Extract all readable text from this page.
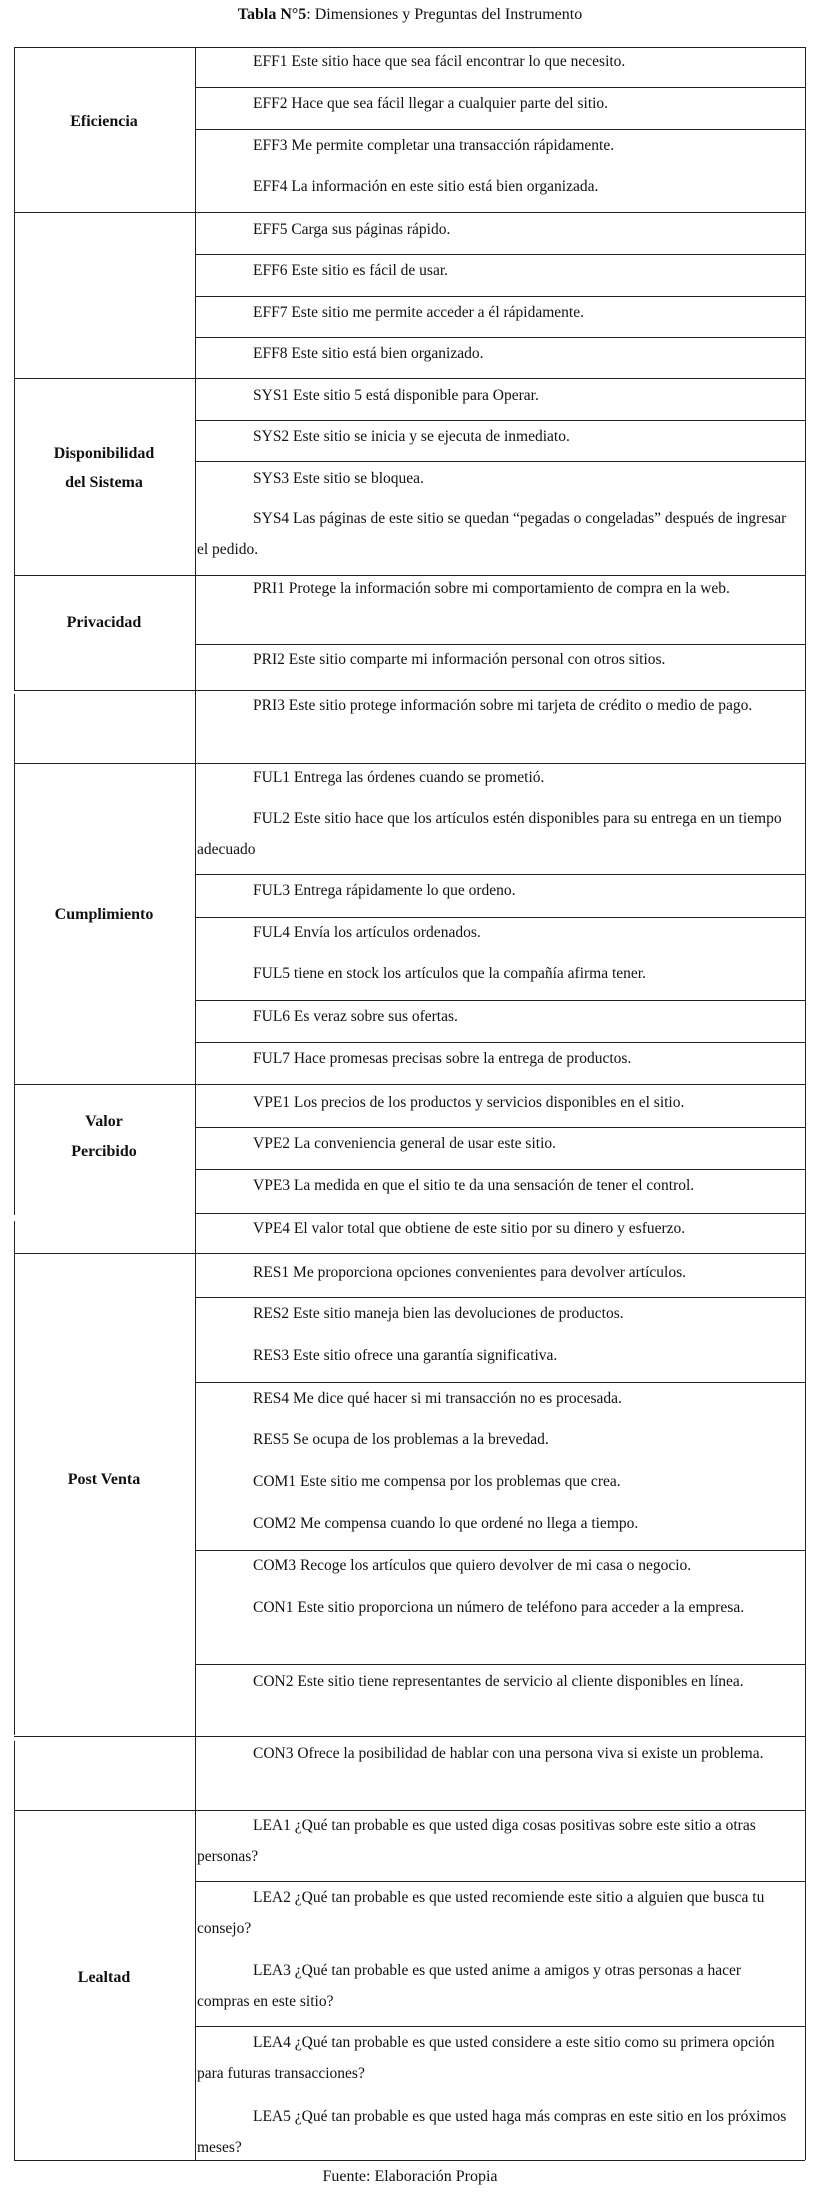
Tabla N°5: Dimensiones y Preguntas del Instrumento
Eficiencia
Disponibilidad
del Sistema
Privacidad
Cumplimiento
Valor
Percibido
Post Venta
Lealtad
EFF1 Este sitio hace que sea fácil encontrar lo que necesito.
EFF2 Hace que sea fácil llegar a cualquier parte del sitio.
EFF3 Me permite completar una transacción rápidamente.
EFF4 La información en este sitio está bien organizada.
EFF5 Carga sus páginas rápido.
EFF6 Este sitio es fácil de usar.
EFF7 Este sitio me permite acceder a él rápidamente.
EFF8 Este sitio está bien organizado.
SYS1 Este sitio 5 está disponible para Operar.
SYS2 Este sitio se inicia y se ejecuta de inmediato.
SYS3 Este sitio se bloquea.
SYS4 Las páginas de este sitio se quedan “pegadas o congeladas” después de ingresar el pedido.
PRI1 Protege la información sobre mi comportamiento de compra en la web.
PRI2 Este sitio comparte mi información personal con otros sitios.
PRI3 Este sitio protege información sobre mi tarjeta de crédito o medio de pago.
FUL1 Entrega las órdenes cuando se prometió.
FUL2 Este sitio hace que los artículos estén disponibles para su entrega en un tiempo adecuado
FUL3 Entrega rápidamente lo que ordeno.
FUL4 Envía los artículos ordenados.
FUL5 tiene en stock los artículos que la compañía afirma tener.
FUL6 Es veraz sobre sus ofertas.
FUL7 Hace promesas precisas sobre la entrega de productos.
VPE1 Los precios de los productos y servicios disponibles en el sitio.
VPE2 La conveniencia general de usar este sitio.
VPE3 La medida en que el sitio te da una sensación de tener el control.
VPE4 El valor total que obtiene de este sitio por su dinero y esfuerzo.
RES1 Me proporciona opciones convenientes para devolver artículos.
RES2 Este sitio maneja bien las devoluciones de productos.
RES3 Este sitio ofrece una garantía significativa.
RES4 Me dice qué hacer si mi transacción no es procesada.
RES5 Se ocupa de los problemas a la brevedad.
COM1 Este sitio me compensa por los problemas que crea.
COM2 Me compensa cuando lo que ordené no llega a tiempo.
COM3 Recoge los artículos que quiero devolver de mi casa o negocio.
CON1 Este sitio proporciona un número de teléfono para acceder a la empresa.
CON2 Este sitio tiene representantes de servicio al cliente disponibles en línea.
CON3 Ofrece la posibilidad de hablar con una persona viva si existe un problema.
LEA1 ¿Qué tan probable es que usted diga cosas positivas sobre este sitio a otras personas?
LEA2 ¿Qué tan probable es que usted recomiende este sitio a alguien que busca tu consejo?
LEA3 ¿Qué tan probable es que usted anime a amigos y otras personas a hacer compras en este sitio?
LEA4 ¿Qué tan probable es que usted considere a este sitio como su primera opción para futuras transacciones?
LEA5 ¿Qué tan probable es que usted haga más compras en este sitio en los próximos meses?
Fuente: Elaboración Propia
